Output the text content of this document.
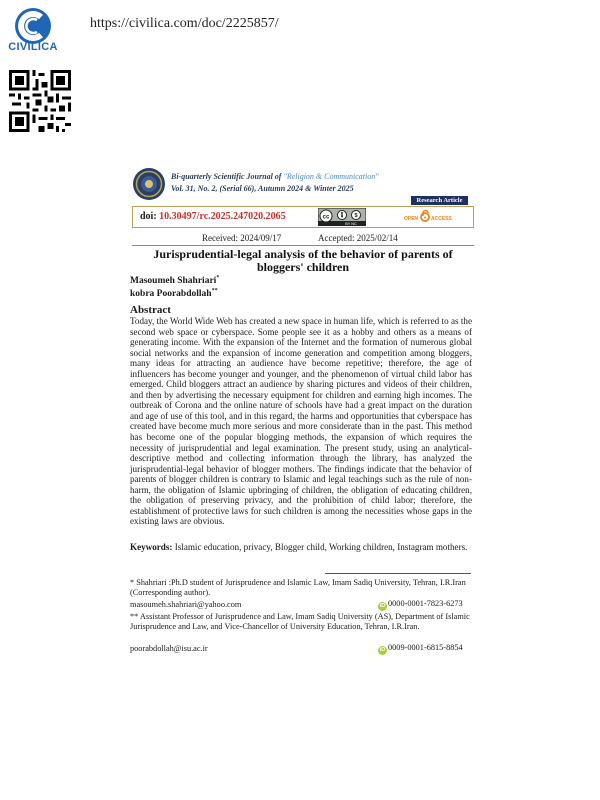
CIVILICA
https://civilica.com/doc/2225857/
Bi-quarterly Scientific Journal of "Religion & Communication"
Vol. 31, No. 2, (Serial 66), Autumn 2024 & Winter 2025
Research Article
doi: 10.30497/rc.2025.247020.2065	cc	$
BY NC
OPEN	ACCESS
Received: 2024/09/17	Accepted: 2025/02/14
Jurisprudential-legal analysis of the behavior of parents of bloggers' children
Masoumeh Shahriari*
kobra Poorabdollah**
Abstract

Today, the World Wide Web has created a new space in human life, which is referred to as the second web space or cyberspace. Some people see it as a hobby and others as a means of generating income. With the expansion of the Internet and the formation of numerous global social networks and the expansion of income generation and competition among bloggers, many ideas for attracting an audience have become repetitive; therefore, the age of influencers has become younger and younger, and the phenomenon of virtual child labor has emerged. Child bloggers attract an audience by sharing pictures and videos of their children, and then by advertising the necessary equipment for children and earning high incomes. The outbreak of Corona and the online nature of schools have had a great impact on the duration and age of use of this tool, and in this regard, the harms and opportunities that cyberspace has created have become much more serious and more considerate than in the past. This method has become one of the popular blogging methods, the expansion of which requires the necessity of jurisprudential and legal examination. The present study, using an analytical-descriptive method and collecting information through the library, has analyzed the jurisprudential-legal behavior of blogger mothers. The findings indicate that the behavior of parents of blogger children is contrary to Islamic and legal teachings such as the rule of non-harm, the obligation of Islamic upbringing of children, the obligation of educating children, the obligation of preserving privacy, and the prohibition of child labor; therefore, the establishment of protective laws for such children is among the necessities whose gaps in the existing laws are obvious.

Keywords: Islamic education, privacy, Blogger child, Working children, Instagram mothers.
* Shahriari :Ph.D student of Jurisprudence and Islamic Law, Imam Sadiq University, Tehran, I.R.Iran (Corresponding author).
masoumeh.shahriari@yahoo.com	iD 0000-0001-7823-6273
** Assistant Professor of Jurisprudence and Law, Imam Sadiq University (AS), Department of Islamic Jurisprudence and Law, and Vice-Chancellor of University Education, Tehran, I.R.Iran.
poorabdollah@isu.ac.ir	iD 0009-0001-6815-8854
